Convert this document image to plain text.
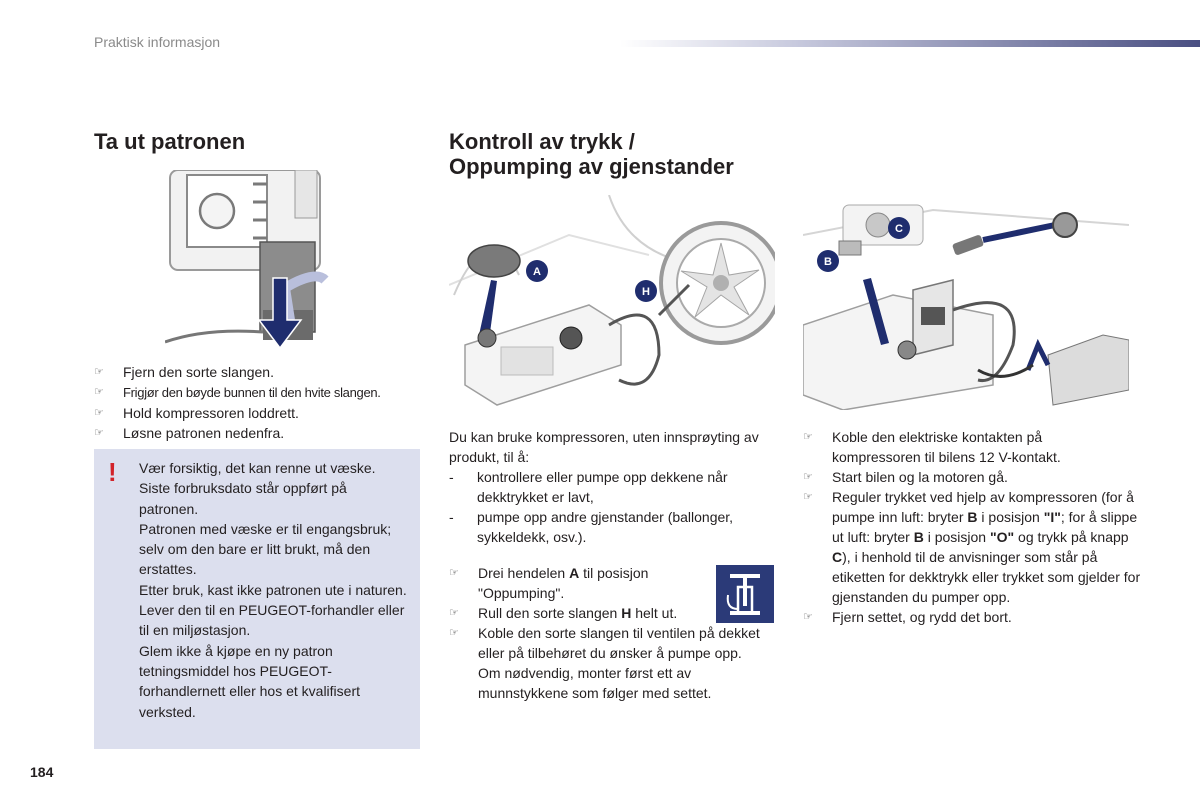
Praktisk informasjon
Ta ut patronen
☞ Fjern den sorte slangen.
☞ Frigjør den bøyde bunnen til den hvite slangen.
☞ Hold kompressoren loddrett.
☞ Løsne patronen nedenfra.
! Vær forsiktig, det kan renne ut væske.
Siste forbruksdato står oppført på patronen.
Patronen med væske er til engangsbruk; selv om den bare er litt brukt, må den erstattes.
Etter bruk, kast ikke patronen ute i naturen. Lever den til en PEUGEOT-forhandler eller til en miljøstasjon.
Glem ikke å kjøpe en ny patron tetningsmiddel hos PEUGEOT-forhandlernett eller hos et kvalifisert verksted.
Kontroll av trykk /
Oppumping av gjenstander
A
H
Du kan bruke kompressoren, uten innsprøyting av produkt, til å:
- kontrollere eller pumpe opp dekkene når dekktrykket er lavt,
- pumpe opp andre gjenstander (ballonger, sykkeldekk, osv.).
☞ Drei hendelen A til posisjon "Oppumping".
☞ Rull den sorte slangen H helt ut.
☞ Koble den sorte slangen til ventilen på dekket eller på tilbehøret du ønsker å pumpe opp.
Om nødvendig, monter først ett av munnstykkene som følger med settet.
B
C
☞ Koble den elektriske kontakten på kompressoren til bilens 12 V-kontakt.
☞ Start bilen og la motoren gå.
☞ Reguler trykket ved hjelp av kompressoren (for å pumpe inn luft: bryter B i posisjon "I"; for å slippe ut luft: bryter B i posisjon "O" og trykk på knapp C), i henhold til de anvisninger som står på etiketten for dekktrykk eller trykket som gjelder for gjenstanden du pumper opp.
☞ Fjern settet, og rydd det bort.
184
